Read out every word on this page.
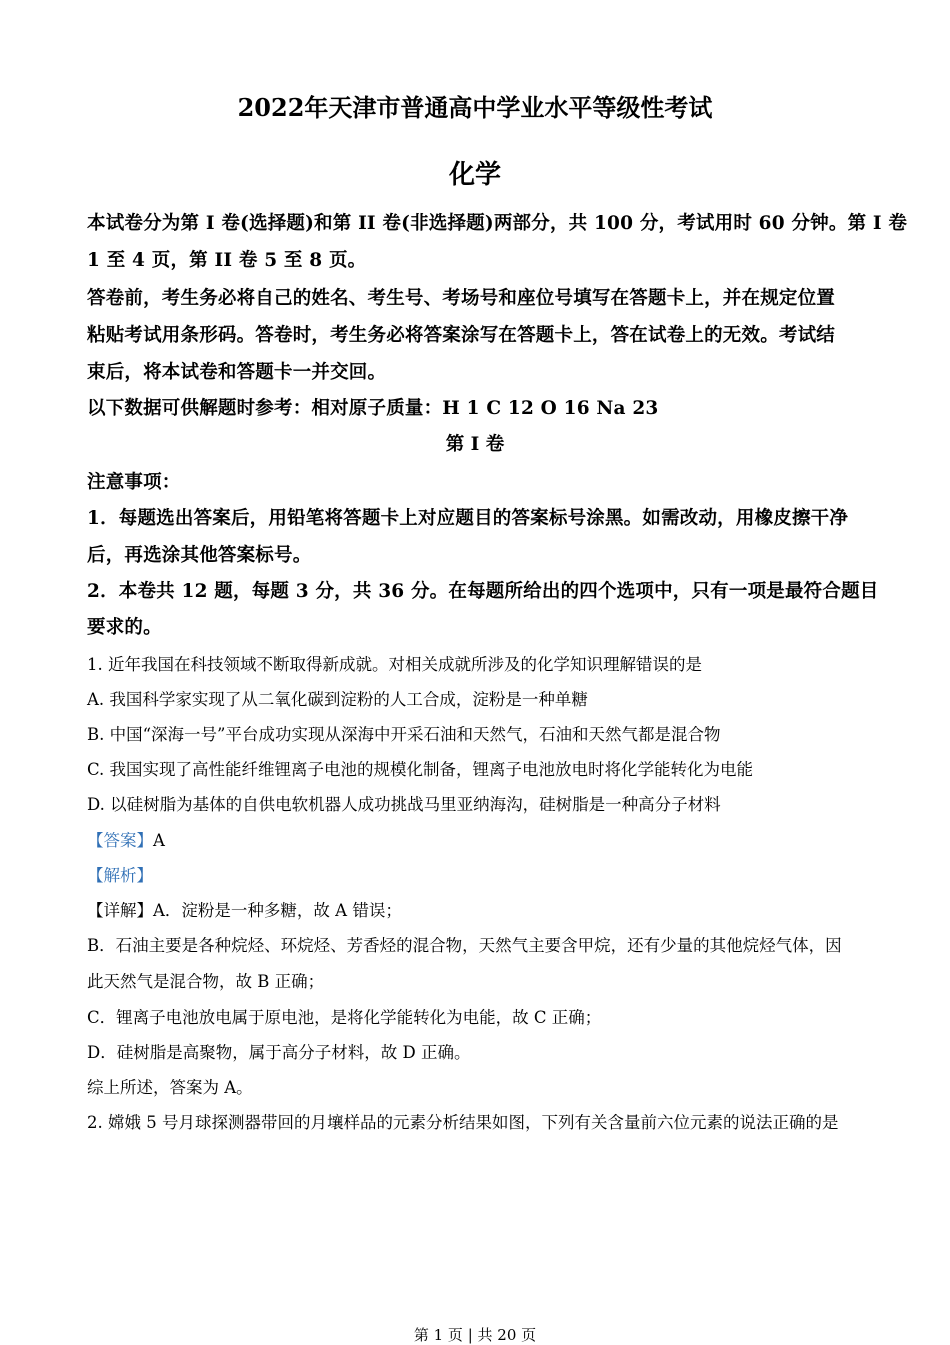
2022年天津市普通高中学业水平等级性考试
化学
本试卷分为第 I 卷(选择题)和第 II 卷(非选择题)两部分，共 100 分，考试用时 60 分钟。第 I 卷
1 至 4 页，第 II 卷 5 至 8 页。
答卷前，考生务必将自己的姓名、考生号、考场号和座位号填写在答题卡上，并在规定位置
粘贴考试用条形码。答卷时，考生务必将答案涂写在答题卡上，答在试卷上的无效。考试结
束后，将本试卷和答题卡一并交回。
以下数据可供解题时参考：相对原子质量：H 1 C 12 O 16 Na 23
第 I 卷
注意事项：
1．每题选出答案后，用铅笔将答题卡上对应题目的答案标号涂黑。如需改动，用橡皮擦干净
后，再选涂其他答案标号。
2．本卷共 12 题，每题 3 分，共 36 分。在每题所给出的四个选项中，只有一项是最符合题目
要求的。
1. 近年我国在科技领域不断取得新成就。对相关成就所涉及的化学知识理解错误的是
A. 我国科学家实现了从二氧化碳到淀粉的人工合成，淀粉是一种单糖
B. 中国“深海一号”平台成功实现从深海中开采石油和天然气，石油和天然气都是混合物
C. 我国实现了高性能纤维锂离子电池的规模化制备，锂离子电池放电时将化学能转化为电能
D. 以硅树脂为基体的自供电软机器人成功挑战马里亚纳海沟，硅树脂是一种高分子材料
【答案】A
【解析】
【详解】A．淀粉是一种多糖，故 A 错误；
B．石油主要是各种烷烃、环烷烃、芳香烃的混合物，天然气主要含甲烷，还有少量的其他烷烃气体，因
此天然气是混合物，故 B 正确；
C．锂离子电池放电属于原电池，是将化学能转化为电能，故 C 正确；
D．硅树脂是高聚物，属于高分子材料，故 D 正确。
综上所述，答案为 A。
2. 嫦娥 5 号月球探测器带回的月壤样品的元素分析结果如图，下列有关含量前六位元素的说法正确的是
第 1 页 | 共 20 页
